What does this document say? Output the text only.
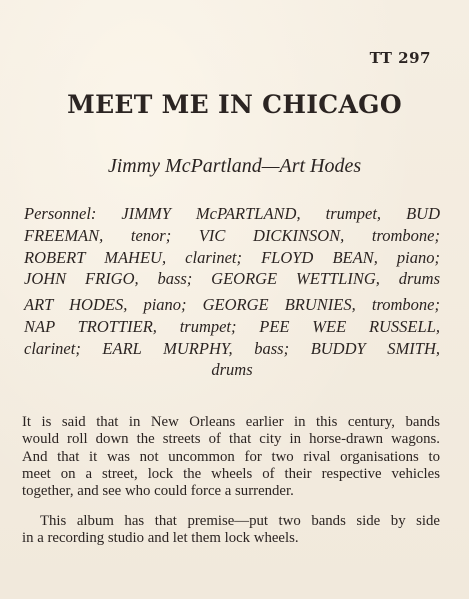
TT 297
MEET ME IN CHICAGO
Jimmy McPartland—Art Hodes
Personnel: JIMMY McPARTLAND, trumpet, BUD
FREEMAN, tenor; VIC DICKINSON, trombone;
ROBERT MAHEU, clarinet; FLOYD BEAN, piano;
JOHN FRIGO, bass; GEORGE WETTLING, drums
ART HODES, piano; GEORGE BRUNIES, trombone;
NAP TROTTIER, trumpet; PEE WEE RUSSELL,
clarinet; EARL MURPHY, bass; BUDDY SMITH,
drums
It is said that in New Orleans earlier in this century, bands
would roll down the streets of that city in horse-drawn wagons.
And that it was not uncommon for two rival organisations to
meet on a street, lock the wheels of their respective vehicles
together, and see who could force a surrender.
This album has that premise—put two bands side by side
in a recording studio and let them lock wheels.
